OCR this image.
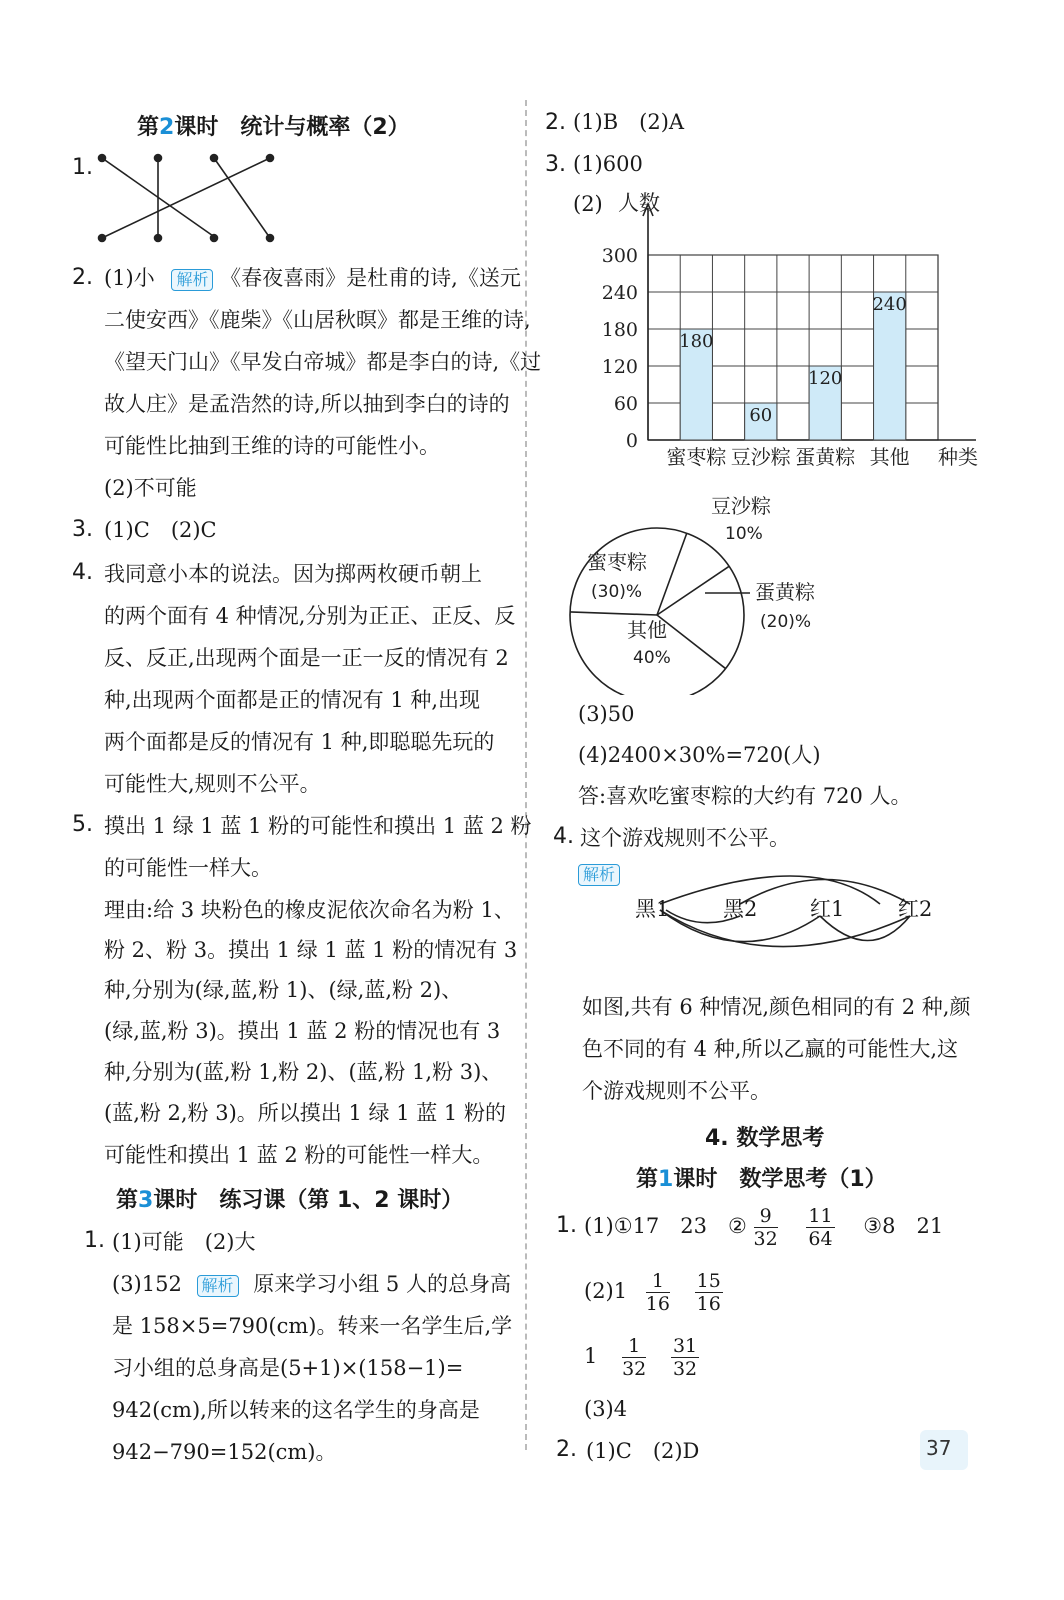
第2课时　统计与概率（2）
1.
2. (1)小 解析 《春夜喜雨》是杜甫的诗,《送元
二使安西》《鹿柴》《山居秋暝》都是王维的诗,
《望天门山》《早发白帝城》都是李白的诗,《过
故人庄》是孟浩然的诗,所以抽到李白的诗的
可能性比抽到王维的诗的可能性小。
(2)不可能
3. (1)C　(2)C
4. 我同意小本的说法。因为掷两枚硬币朝上
的两个面有 4 种情况,分别为正正、正反、反
反、反正,出现两个面是一正一反的情况有 2
种,出现两个面都是正的情况有 1 种,出现
两个面都是反的情况有 1 种,即聪聪先玩的
可能性大,规则不公平。
5. 摸出 1 绿 1 蓝 1 粉的可能性和摸出 1 蓝 2 粉
的可能性一样大。
理由:给 3 块粉色的橡皮泥依次命名为粉 1、
粉 2、粉 3。摸出 1 绿 1 蓝 1 粉的情况有 3
种,分别为(绿,蓝,粉 1)、(绿,蓝,粉 2)、
(绿,蓝,粉 3)。摸出 1 蓝 2 粉的情况也有 3
种,分别为(蓝,粉 1,粉 2)、(蓝,粉 1,粉 3)、
(蓝,粉 2,粉 3)。所以摸出 1 绿 1 蓝 1 粉的
可能性和摸出 1 蓝 2 粉的可能性一样大。
第3课时　练习课（第 1、2 课时）
1. (1)可能　(2)大
(3)152 解析 原来学习小组 5 人的总身高
是 158×5=790(cm)。转来一名学生后,学
习小组的总身高是(5+1)×(158−1)=
942(cm),所以转来的这名学生的身高是
942−790=152(cm)。
2. (1)B　(2)A
3. (1)600
(2)
0
60
120
180
240
300
人数
180
蜜枣粽
60
豆沙粽
120
蛋黄粽
240
其他 种类
豆沙粽
10%
蛋黄粽
(20)%
其他
40%
蜜枣粽
(30)%
(3)50
(4)2400×30%=720(人)
答:喜欢吃蜜枣粽的大约有 720 人。
4. 这个游戏规则不公平。
解析
黑1	黑2	红1	红2
如图,共有 6 种情况,颜色相同的有 2 种,颜
色不同的有 4 种,所以乙赢的可能性大,这
个游戏规则不公平。
4. 数学思考
第1课时　数学思考（1）
1. (1)①17　23　② $\frac{9}{32}$
$\frac{11}{64}$ ③8　21
$(2)1 \frac{1}{16}$
$\frac{15}{16}$
$1 \frac{1}{32}$
$\frac{31}{32}$
(3)4
2. (1)C　(2)D	37
